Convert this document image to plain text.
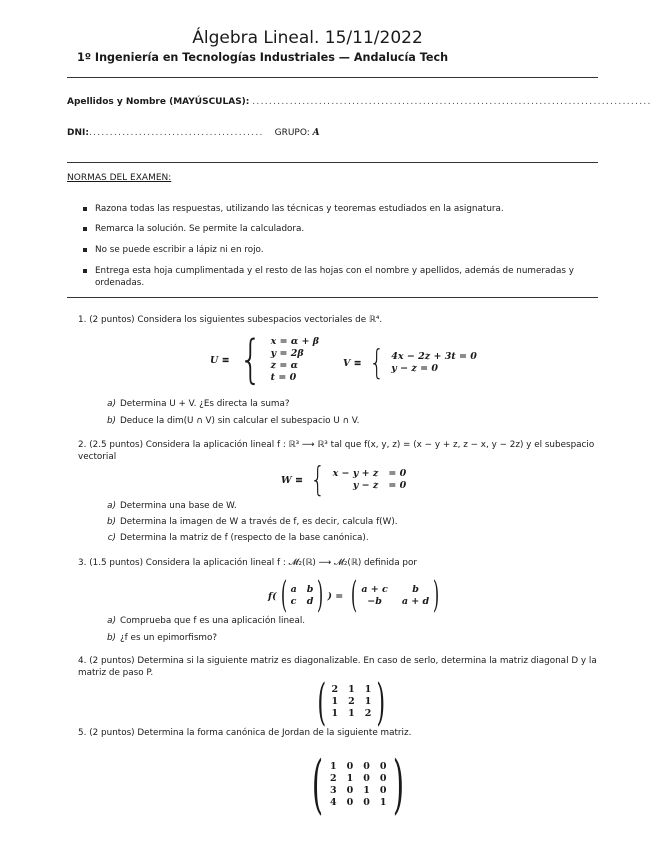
Álgebra Lineal. 15/11/2022
1º Ingeniería en Tecnologías Industriales — Andalucía Tech
Apellidos y Nombre (MAYÚSCULAS): ................................................................................................
DNI:.......................................... GRUPO: A
NORMAS DEL EXAMEN:
Razona todas las respuestas, utilizando las técnicas y teoremas estudiados en la asignatura.
Remarca la solución. Se permite la calculadora.
No se puede escribir a lápiz ni en rojo.
Entrega esta hoja cumplimentada y el resto de las hojas con el nombre y apellidos, además de numeradas y ordenadas.
1. (2 puntos) Considera los siguientes subespacios vectoriales de ℝ⁴.
U ≡ { x = α + β
y = 2β
z = α
t = 0
V ≡ { 4x − 2z + 3t = 0
y − z = 0
a) Determina U + V. ¿Es directa la suma?
b) Deduce la dim(U ∩ V) sin calcular el subespacio U ∩ V.
2. (2.5 puntos) Considera la aplicación lineal f : ℝ³ ⟶ ℝ³ tal que f(x, y, z) = (x − y + z, z − x, y − 2z) y el subespacio vectorial
W ≡ { x − y + z = 0
y − z = 0
a) Determina una base de W.
b) Determina la imagen de W a través de f, es decir, calcula f(W).
c) Determina la matriz de f (respecto de la base canónica).
3. (1.5 puntos) Considera la aplicación lineal f : 𝓜₂(ℝ) ⟶ 𝓜₂(ℝ) definida por
f( ( a b
c d ) ) = ( a + c	b
−b	a + d )
a) Comprueba que f es una aplicación lineal.
b) ¿f es un epimorfismo?
4. (2 puntos) Determina si la siguiente matriz es diagonalizable. En caso de serlo, determina la matriz diagonal D y la matriz de paso P.	( 2 1 1
1 2 1
1 1 2 )
5. (2 puntos) Determina la forma canónica de Jordan de la siguiente matriz.
( 1 0 0 0
2 1 0 0
3 0 1 0
4 0 0 1 )
